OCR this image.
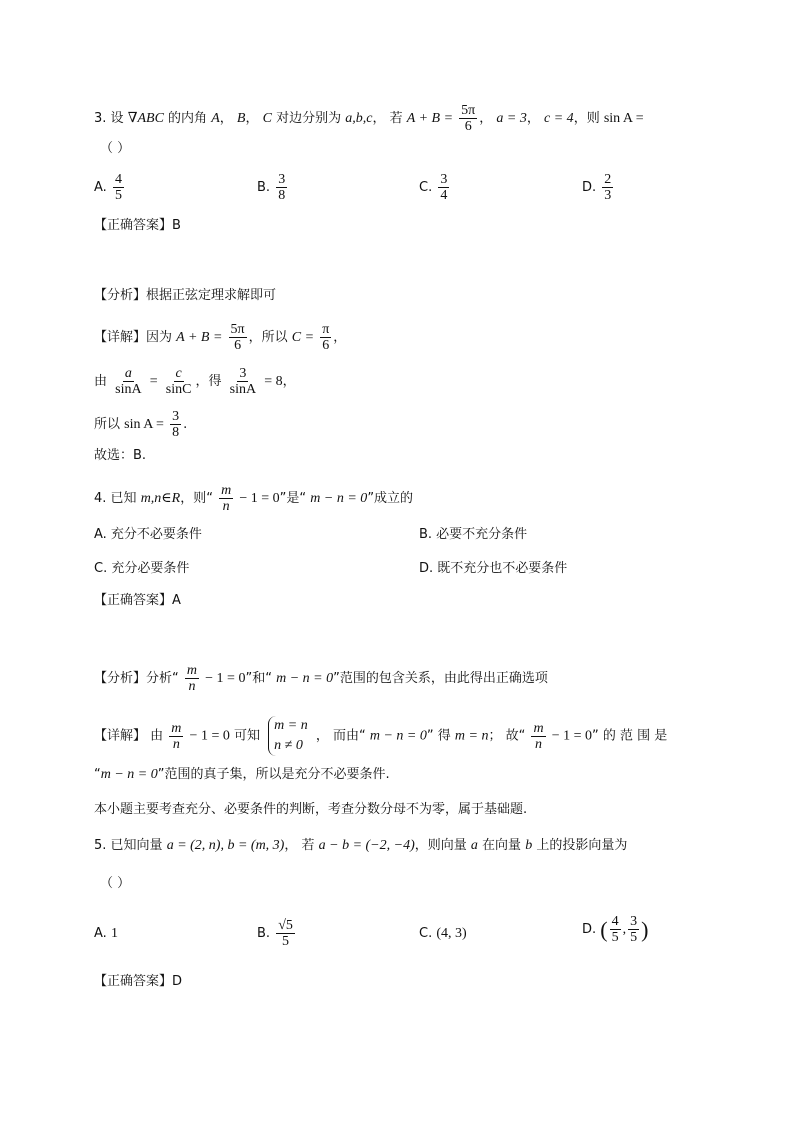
3. 设 ∇ABC 的内角 A， B， C 对边分别为 a,b,c， 若 $A + B = \frac{5\pi}{6}$ ， a = 3， c = 4，则 sin A =
（ ）
A. $\frac{4}{5}$	B. $\frac{3}{8}$	C. $\frac{3}{4}$	D. $\frac{2}{3}$
【正确答案】B
【分析】根据正弦定理求解即可
【详解】因为 $A + B = \frac{5\pi}{6}$ ，所以 $C = \frac{\pi}{6}$ ，
由 $\frac{a}{\sin A} = \frac{c}{\sin C}$ ，得 $\frac{3}{\sin A} = 8$，
所以 $\sin A = \frac{3}{8}$ .
故选：B.
4. 已知 m,n∈R，则“ $\frac{m}{n} - 1 = 0$”是“ m − n = 0”成立的
A. 充分不必要条件	B. 必要不充分条件
C. 充分必要条件	D. 既不充分也不必要条件
【正确答案】A
【分析】分析“ $\frac{m}{n} - 1 = 0$”和“ m − n = 0”范围的包含关系，由此得出正确选项
【详解】 由 $\frac{m}{n} - 1 = 0$ 可知
m = n
n ≠ 0
， 而由“ m − n = 0” 得 m = n； 故“ $\frac{m}{n} - 1 = 0$” 的 范 围 是
“m − n = 0”范围的真子集，所以是充分不必要条件.
本小题主要考查充分、必要条件的判断，考查分数分母不为零，属于基础题.
5. 已知向量 a = (2, n), b = (m, 3)， 若 a − b = (−2, −4)，则向量 a 在向量 b 上的投影向量为
（ ）
A. 1	B. $\frac{√5}{5}$	C. (4, 3)	D. ( $\frac{4}{5}$ , $\frac{3}{5}$ )
【正确答案】D
